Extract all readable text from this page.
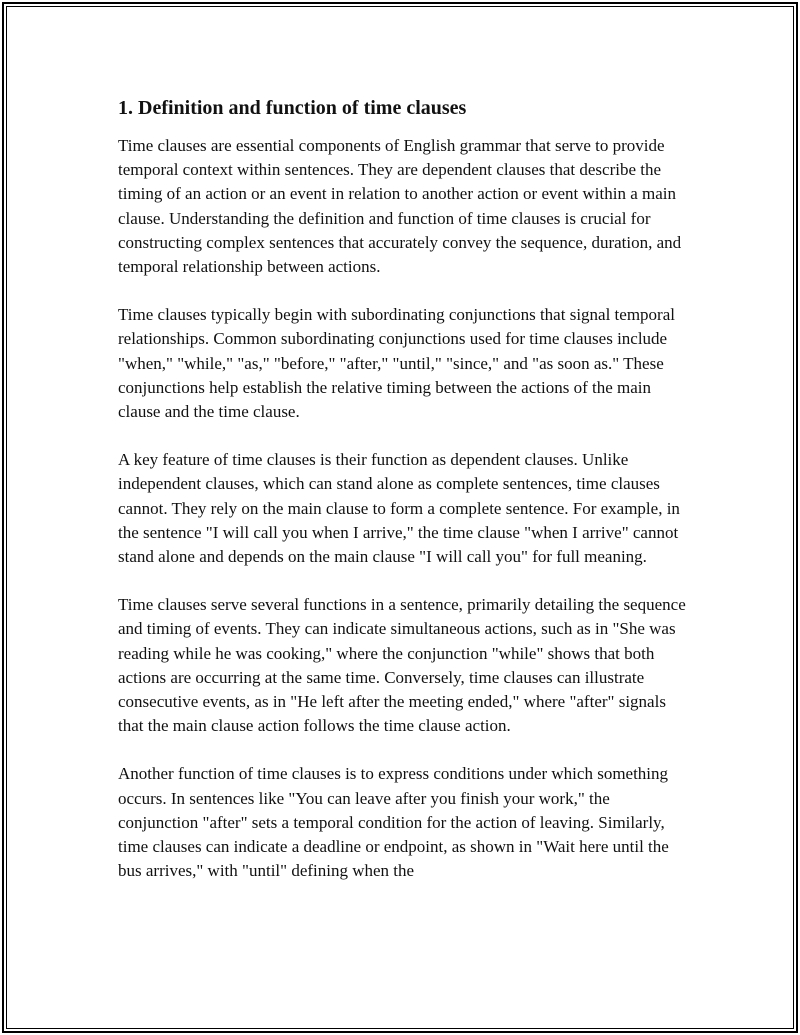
1. Definition and function of time clauses

Time clauses are essential components of English grammar that serve to provide temporal context within sentences. They are dependent clauses that describe the timing of an action or an event in relation to another action or event within a main clause. Understanding the definition and function of time clauses is crucial for constructing complex sentences that accurately convey the sequence, duration, and temporal relationship between actions.

Time clauses typically begin with subordinating conjunctions that signal temporal relationships. Common subordinating conjunctions used for time clauses include "when," "while," "as," "before," "after," "until," "since," and "as soon as." These conjunctions help establish the relative timing between the actions of the main clause and the time clause.

A key feature of time clauses is their function as dependent clauses. Unlike independent clauses, which can stand alone as complete sentences, time clauses cannot. They rely on the main clause to form a complete sentence. For example, in the sentence "I will call you when I arrive," the time clause "when I arrive" cannot stand alone and depends on the main clause "I will call you" for full meaning.

Time clauses serve several functions in a sentence, primarily detailing the sequence and timing of events. They can indicate simultaneous actions, such as in "She was reading while he was cooking," where the conjunction "while" shows that both actions are occurring at the same time. Conversely, time clauses can illustrate consecutive events, as in "He left after the meeting ended," where "after" signals that the main clause action follows the time clause action.

Another function of time clauses is to express conditions under which something occurs. In sentences like "You can leave after you finish your work," the conjunction "after" sets a temporal condition for the action of leaving. Similarly, time clauses can indicate a deadline or endpoint, as shown in "Wait here until the bus arrives," with "until" defining when the
